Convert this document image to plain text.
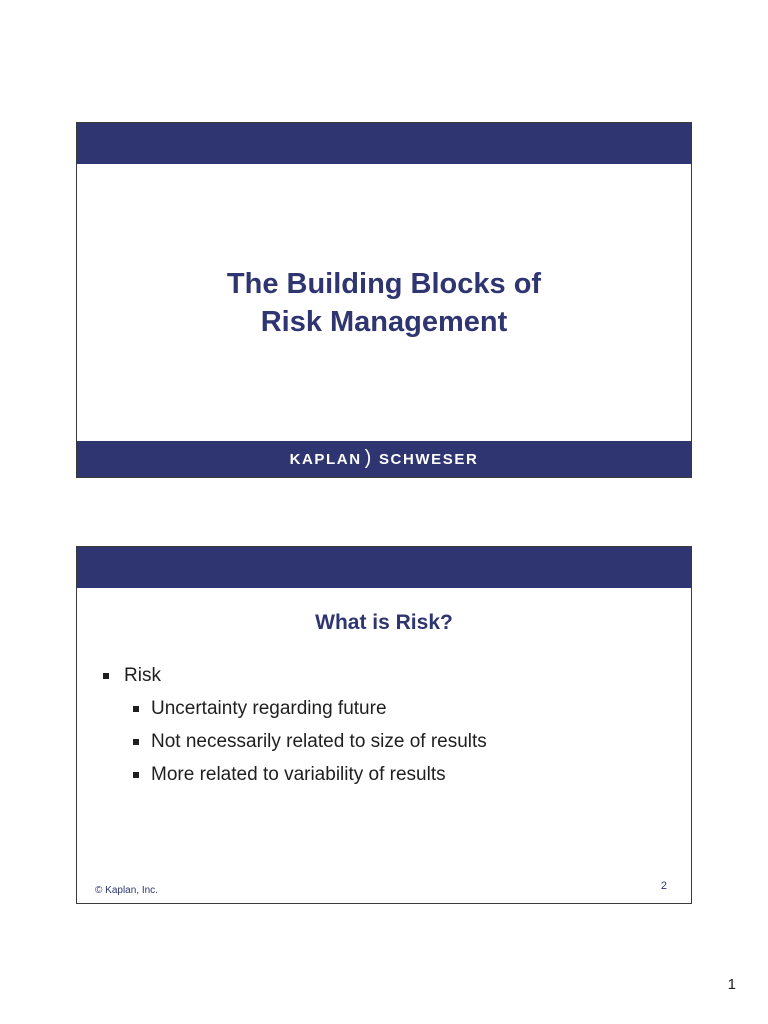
The Building Blocks of
Risk Management
KAPLAN ) SCHWESER
What is Risk?
Risk
Uncertainty regarding future
Not necessarily related to size of results
More related to variability of results
© Kaplan, Inc.	2
1
